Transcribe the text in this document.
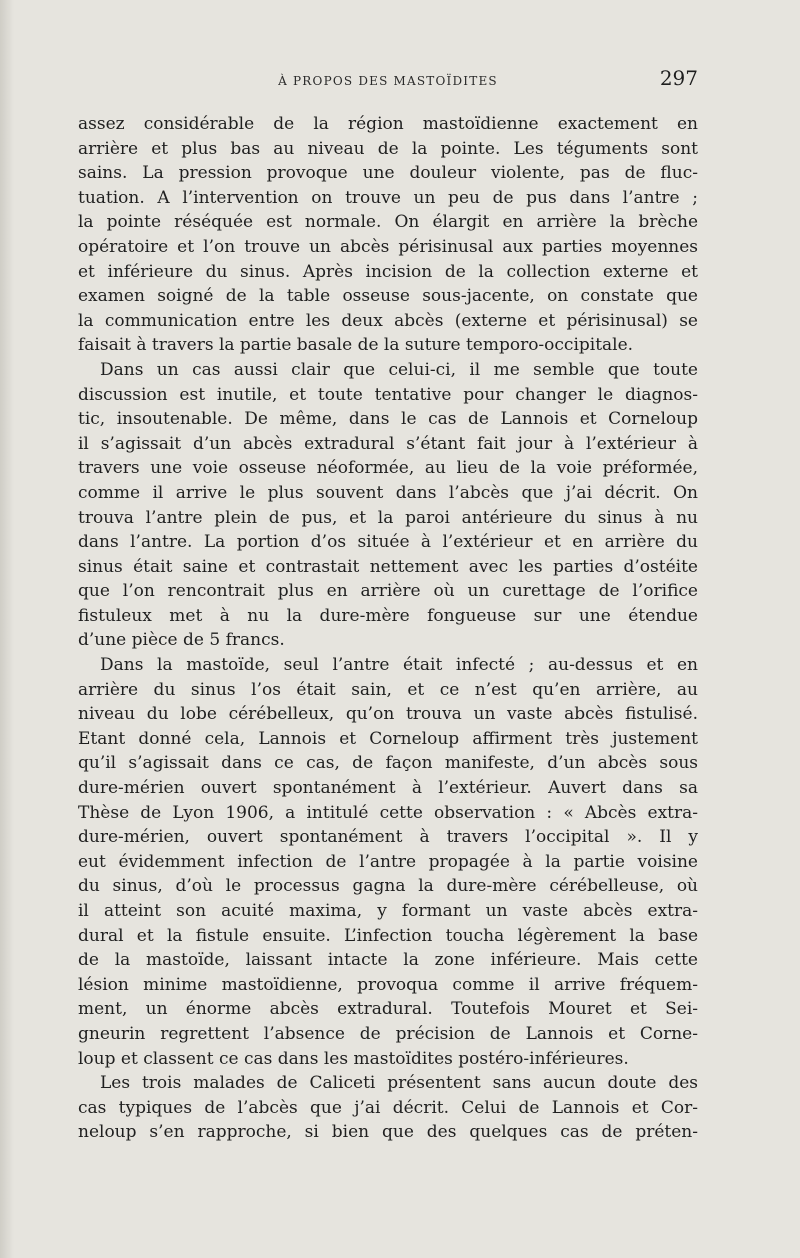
À PROPOS DES MASTOÏDITES	297
assez considérable de la région mastoïdienne exactement en
arrière et plus bas au niveau de la pointe. Les téguments sont
sains. La pression provoque une douleur violente, pas de fluc-
tuation. A l’intervention on trouve un peu de pus dans l’antre ;
la pointe réséquée est normale. On élargit en arrière la brèche
opératoire et l’on trouve un abcès périsinusal aux parties moyennes
et inférieure du sinus. Après incision de la collection externe et
examen soigné de la table osseuse sous-jacente, on constate que
la communication entre les deux abcès (externe et périsinusal) se
faisait à travers la partie basale de la suture temporo-occipitale.
Dans un cas aussi clair que celui-ci, il me semble que toute
discussion est inutile, et toute tentative pour changer le diagnos-
tic, insoutenable. De même, dans le cas de Lannois et Corneloup
il s’agissait d’un abcès extradural s’étant fait jour à l’extérieur à
travers une voie osseuse néoformée, au lieu de la voie préformée,
comme il arrive le plus souvent dans l’abcès que j’ai décrit. On
trouva l’antre plein de pus, et la paroi antérieure du sinus à nu
dans l’antre. La portion d’os située à l’extérieur et en arrière du
sinus était saine et contrastait nettement avec les parties d’ostéite
que l’on rencontrait plus en arrière où un curettage de l’orifice
fistuleux met à nu la dure-mère fongueuse sur une étendue
d’une pièce de 5 francs.
Dans la mastoïde, seul l’antre était infecté ; au-dessus et en
arrière du sinus l’os était sain, et ce n’est qu’en arrière, au
niveau du lobe cérébelleux, qu’on trouva un vaste abcès fistulisé.
Etant donné cela, Lannois et Corneloup affirment très justement
qu’il s’agissait dans ce cas, de façon manifeste, d’un abcès sous
dure-mérien ouvert spontanément à l’extérieur. Auvert dans sa
Thèse de Lyon 1906, a intitulé cette observation : « Abcès extra-
dure-mérien, ouvert spontanément à travers l’occipital ». Il y
eut évidemment infection de l’antre propagée à la partie voisine
du sinus, d’où le processus gagna la dure-mère cérébelleuse, où
il atteint son acuité maxima, y formant un vaste abcès extra-
dural et la fistule ensuite. L’infection toucha légèrement la base
de la mastoïde, laissant intacte la zone inférieure. Mais cette
lésion minime mastoïdienne, provoqua comme il arrive fréquem-
ment, un énorme abcès extradural. Toutefois Mouret et Sei-
gneurin regrettent l’absence de précision de Lannois et Corne-
loup et classent ce cas dans les mastoïdites postéro-inférieures.
Les trois malades de Caliceti présentent sans aucun doute des
cas typiques de l’abcès que j’ai décrit. Celui de Lannois et Cor-
neloup s’en rapproche, si bien que des quelques cas de préten-
